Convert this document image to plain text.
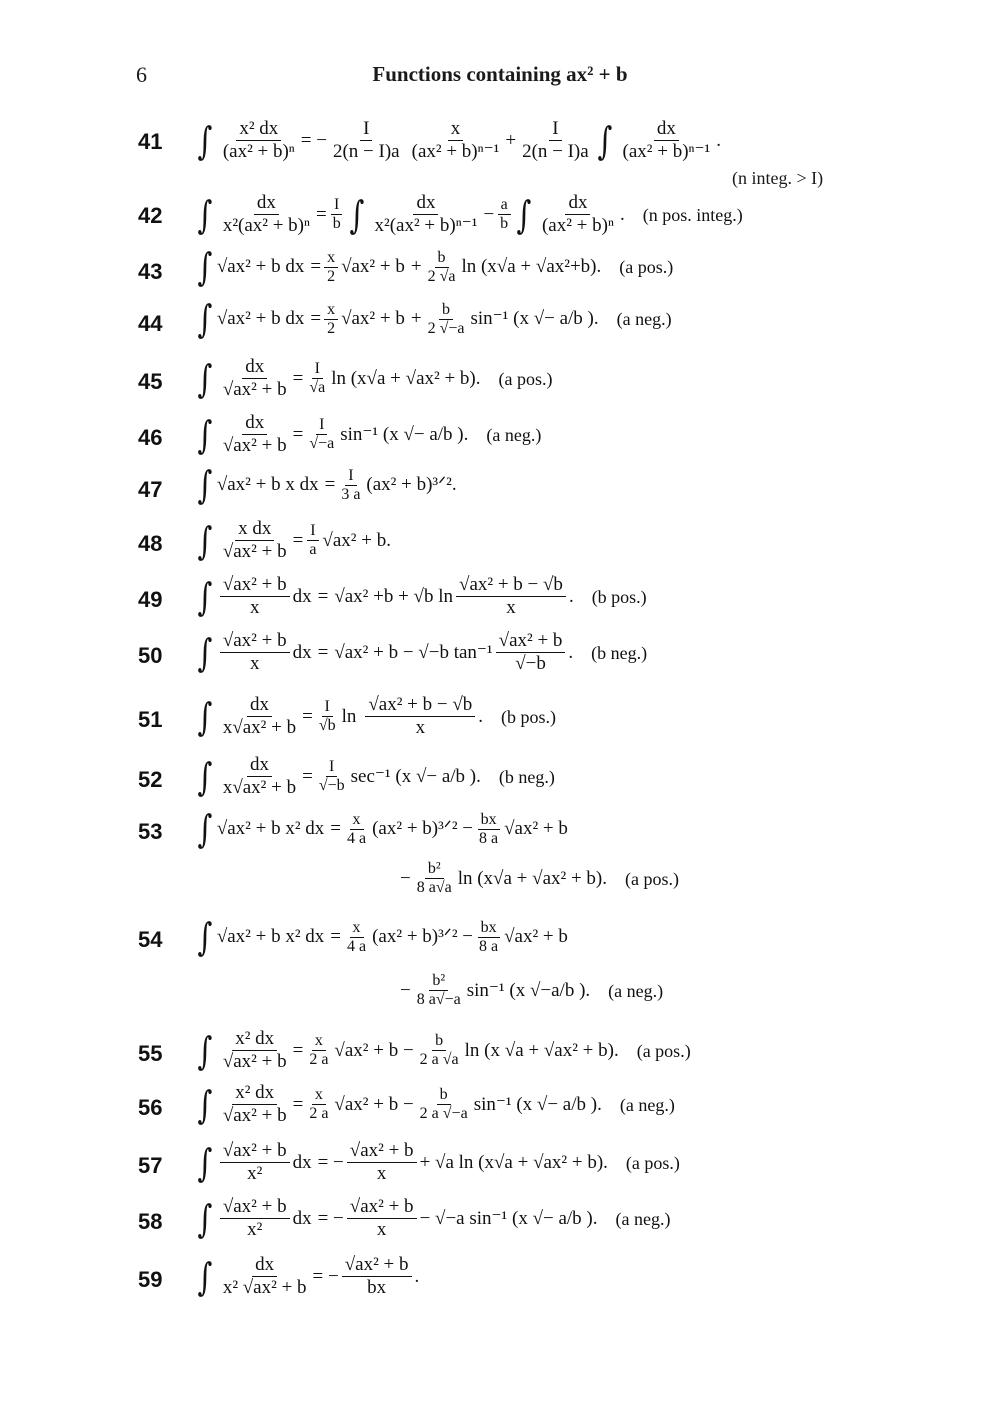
6	Functions containing ax² + b
41 ∫ $\frac{\text{x² dx}}{\text{(ax² + b)ⁿ}}$ = − $\frac{I}{2(n - I)a} \frac{x}{\text{(ax² + b)ⁿ⁻¹}} + \frac{I}{2(n - I)a}$ ∫ $\frac{dx}{\text{(ax² + b)ⁿ⁻¹}}$ .
(n integ. > I)
42 ∫ $\frac{dx}{\text{x²(ax² + b)ⁿ}} = \frac{I}{b}$ ∫ $\frac{dx}{\text{x²(ax² + b)ⁿ⁻¹}} - \frac{a}{b}$ ∫ $\frac{dx}{\text{(ax² + b)ⁿ}}$ . (n pos. integ.)
43 ∫ √ax² + b dx = $\frac{x}{2} √ax^2 + b + \frac{b}{2 √a}$ ln (x√a + √ax²+b). (a pos.)
44 ∫ √ax² + b dx = $\frac{x}{2} √ax^2 + b + \frac{b}{2 √-a} \sin^{-1}$ (x √− a/b ). (a neg.)
45 ∫ $\frac{dx}{\text{√ax² + b}} = \frac{I}{√a}$ ln (x√a + √ax² + b). (a pos.)
46 ∫ $\frac{dx}{\text{√ax² + b}} = \frac{I}{√-a} \sin^{-1}$ (x √− a/b ). (a neg.)
47 ∫ √ax² + b x dx = $\frac{I}{3 a} (ax^2$ + b)³ᐟ².
48 ∫ $\frac{\text{x dx}}{\text{√ax² + b}} = \frac{I}{a} √ax^2 + b$.
49 ∫ $\frac{\text{√ax² + b}}{x}$ dx = √ax² +b + √b $\ln \frac{\text{√ax² + b − √b}}{x}$ . (b pos.)
50 ∫ $\frac{\text{√ax² + b}}{x}$ dx = √ax² + b − √−b $\tan^{-1} \frac{\text{√ax² + b}}{√-b}$ . (b neg.)
51 ∫ $\frac{dx}{\text{x√ax² + b}} = \frac{I}{√b}$ $\ln \frac{\text{√ax² + b − √b}}{x}$ . (b pos.)
52 ∫ $\frac{dx}{\text{x√ax² + b}} = \frac{I}{√-b} \sec^{-1}$ (x √− a/b ). (b neg.)
53 ∫ √ax² + b x² dx = $\frac{x}{4 a} (ax^2$ + b)³ᐟ² − $\frac{bx}{8 a} √ax^2 + b$
− $\frac{\text{b²}}{8 a√a}$ ln (x√a + √ax² + b). (a pos.)
54 ∫ √ax² + b x² dx = $\frac{x}{4 a} (ax^2$ + b)³ᐟ² − $\frac{bx}{8 a} √ax^2 + b$
− $\frac{\text{b²}}{8 a√-a} \sin^{-1}$ (x √−a/b ). (a neg.)
55 ∫ $\frac{\text{x² dx}}{\text{√ax² + b}} = \frac{x}{2 a} √ax^2 + b - \frac{b}{2 a √a}$ ln (x √a + √ax² + b). (a pos.)
56 ∫ $\frac{\text{x² dx}}{\text{√ax² + b}} = \frac{x}{2 a} √ax^2 + b - \frac{b}{2 a √-a} \sin^{-1}$ (x √− a/b ). (a neg.)
57 ∫ $\frac{\text{√ax² + b}}{\text{x²}}$ dx = − $\frac{\text{√ax² + b}}{x} + √a$ ln (x√a + √ax² + b). (a pos.)
58 ∫ $\frac{\text{√ax² + b}}{\text{x²}}$ dx = − $\frac{\text{√ax² + b}}{x} - √-a$ sin⁻¹ (x √− a/b ). (a neg.)
59 ∫ $\frac{dx}{\text{x² √ax² + b}}$ = − $\frac{\text{√ax² + b}}{bx}$ .
